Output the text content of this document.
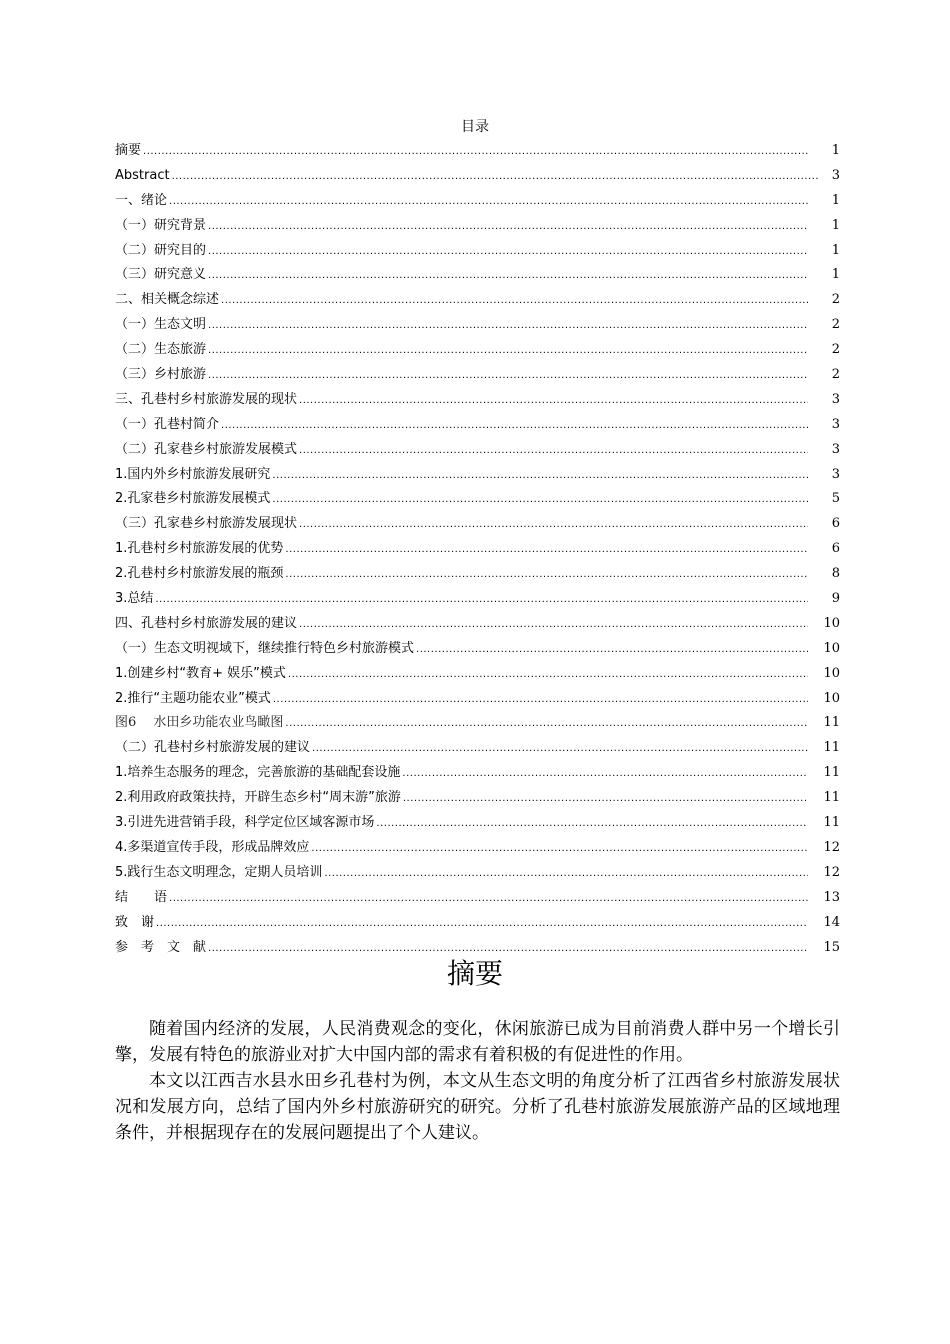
目录
摘要 .....	1
Abstract .....	3
一、绪论 .....	1
（一）研究背景 .....	1
（二）研究目的 .....	1
（三）研究意义 .....	1
二、相关概念综述 .....	2
（一）生态文明 .....	2
（二）生态旅游 .....	2
（三）乡村旅游 .....	2
三、孔巷村乡村旅游发展的现状 .....	3
（一）孔巷村简介 .....	3
（二）孔家巷乡村旅游发展模式 .....	3
1.国内外乡村旅游发展研究 .....	3
2.孔家巷乡村旅游发展模式 .....	5
（三）孔家巷乡村旅游发展现状 .....	6
1.孔巷村乡村旅游发展的优势 .....	6
2.孔巷村乡村旅游发展的瓶颈 .....	8
3.总结 .....	9
四、孔巷村乡村旅游发展的建议 .....	10
（一）生态文明视域下，继续推行特色乡村旅游模式 .....	10
1.创建乡村“教育+ 娱乐”模式 .....	10
2.推行“主题功能农业”模式 .....	10
图6　 水田乡功能农业鸟瞰图 .....	11
（二）孔巷村乡村旅游发展的建议 .....	11
1.培养生态服务的理念，完善旅游的基础配套设施 .....	11
2.利用政府政策扶持，开辟生态乡村“周末游”旅游 .....	11
3.引进先进营销手段，科学定位区域客源市场 .....	11
4.多渠道宣传手段，形成品牌效应 .....	12
5.践行生态文明理念，定期人员培训 .....	12
结　　语 .....	13
致　谢 .....	14
参　考　文　献 .....	15
摘要

随着国内经济的发展，人民消费观念的变化，休闲旅游已成为目前消费人群中另一个增长引擎，发展有特色的旅游业对扩大中国内部的需求有着积极的有促进性的作用。

本文以江西吉水县水田乡孔巷村为例，本文从生态文明的角度分析了江西省乡村旅游发展状况和发展方向，总结了国内外乡村旅游研究的研究。分析了孔巷村旅游发展旅游产品的区域地理条件，并根据现存在的发展问题提出了个人建议。
